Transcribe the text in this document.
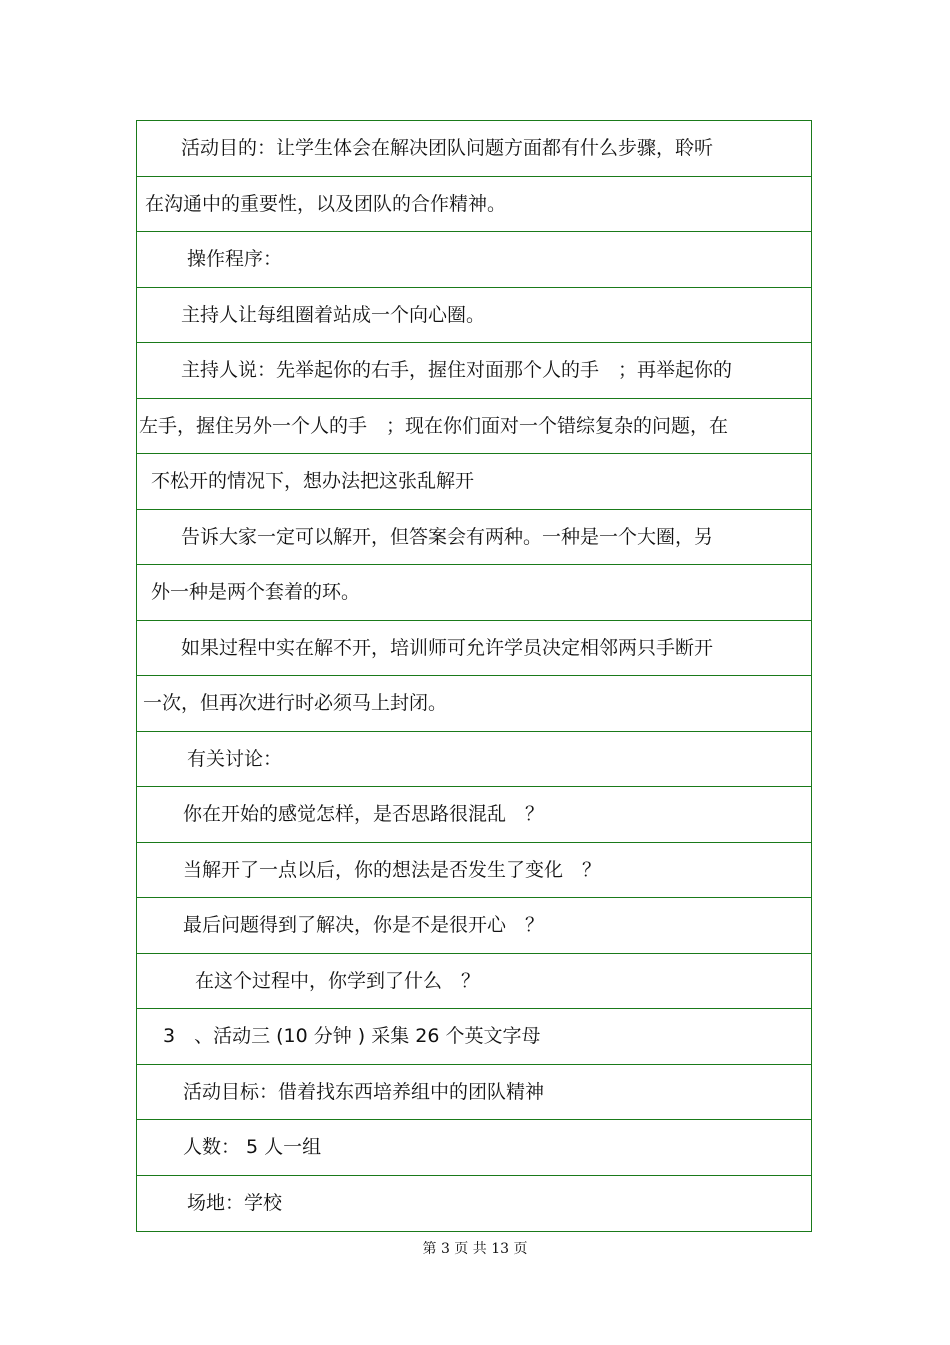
活动目的：让学生体会在解决团队问题方面都有什么步骤，聆听
在沟通中的重要性，以及团队的合作精神。
操作程序：
主持人让每组圈着站成一个向心圈。
主持人说：先举起你的右手，握住对面那个人的手　；再举起你的
左手，握住另外一个人的手　；现在你们面对一个错综复杂的问题，在
不松开的情况下，想办法把这张乱解开
告诉大家一定可以解开，但答案会有两种。一种是一个大圈，另
外一种是两个套着的环。
如果过程中实在解不开，培训师可允许学员决定相邻两只手断开
一次，但再次进行时必须马上封闭。
有关讨论：
你在开始的感觉怎样，是否思路很混乱　？
当解开了一点以后，你的想法是否发生了变化　？
最后问题得到了解决，你是不是很开心　？
在这个过程中，你学到了什么　？
3　、活动三 (10 分钟 ) 采集 26 个英文字母
活动目标：借着找东西培养组中的团队精神
人数： 5 人一组
场地：学校
第 3 页 共 13 页
